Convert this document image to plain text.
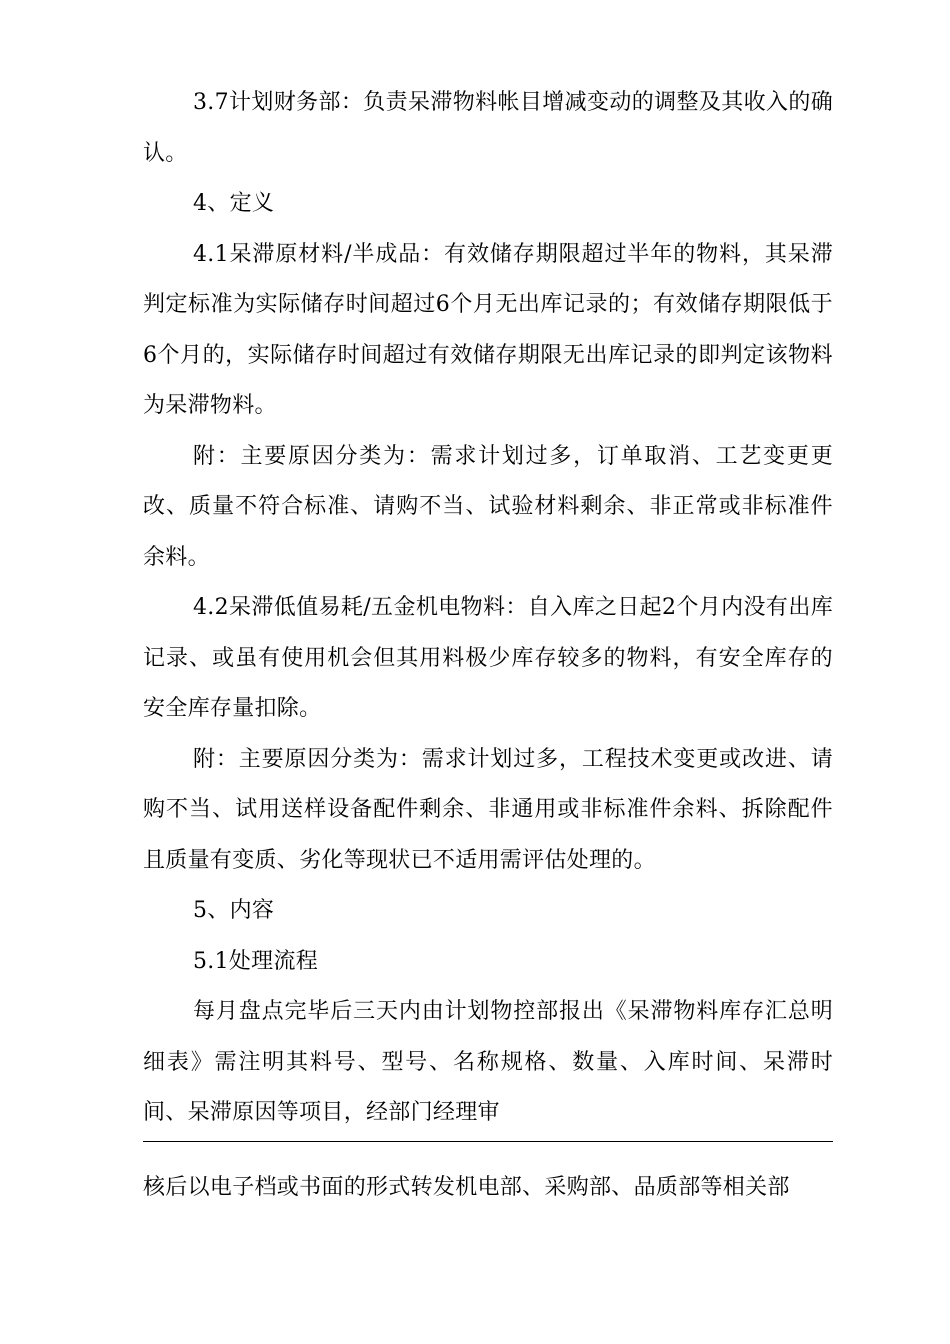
3.7计划财务部：负责呆滞物料帐目增减变动的调整及其收入的确认。

4、定义

4.1呆滞原材料/半成品：有效储存期限超过半年的物料，其呆滞判定标准为实际储存时间超过6个月无出库记录的；有效储存期限低于6个月的，实际储存时间超过有效储存期限无出库记录的即判定该物料为呆滞物料。

附：主要原因分类为：需求计划过多，订单取消、工艺变更更改、质量不符合标准、请购不当、试验材料剩余、非正常或非标准件余料。

4.2呆滞低值易耗/五金机电物料：自入库之日起2个月内没有出库记录、或虽有使用机会但其用料极少库存较多的物料，有安全库存的安全库存量扣除。

附：主要原因分类为：需求计划过多，工程技术变更或改进、请购不当、试用送样设备配件剩余、非通用或非标准件余料、拆除配件且质量有变质、劣化等现状已不适用需评估处理的。

5、内容

5.1处理流程

每月盘点完毕后三天内由计划物控部报出《呆滞物料库存汇总明细表》需注明其料号、型号、名称规格、数量、入库时间、呆滞时间、呆滞原因等项目，经部门经理审

核后以电子档或书面的形式转发机电部、采购部、品质部等相关部
